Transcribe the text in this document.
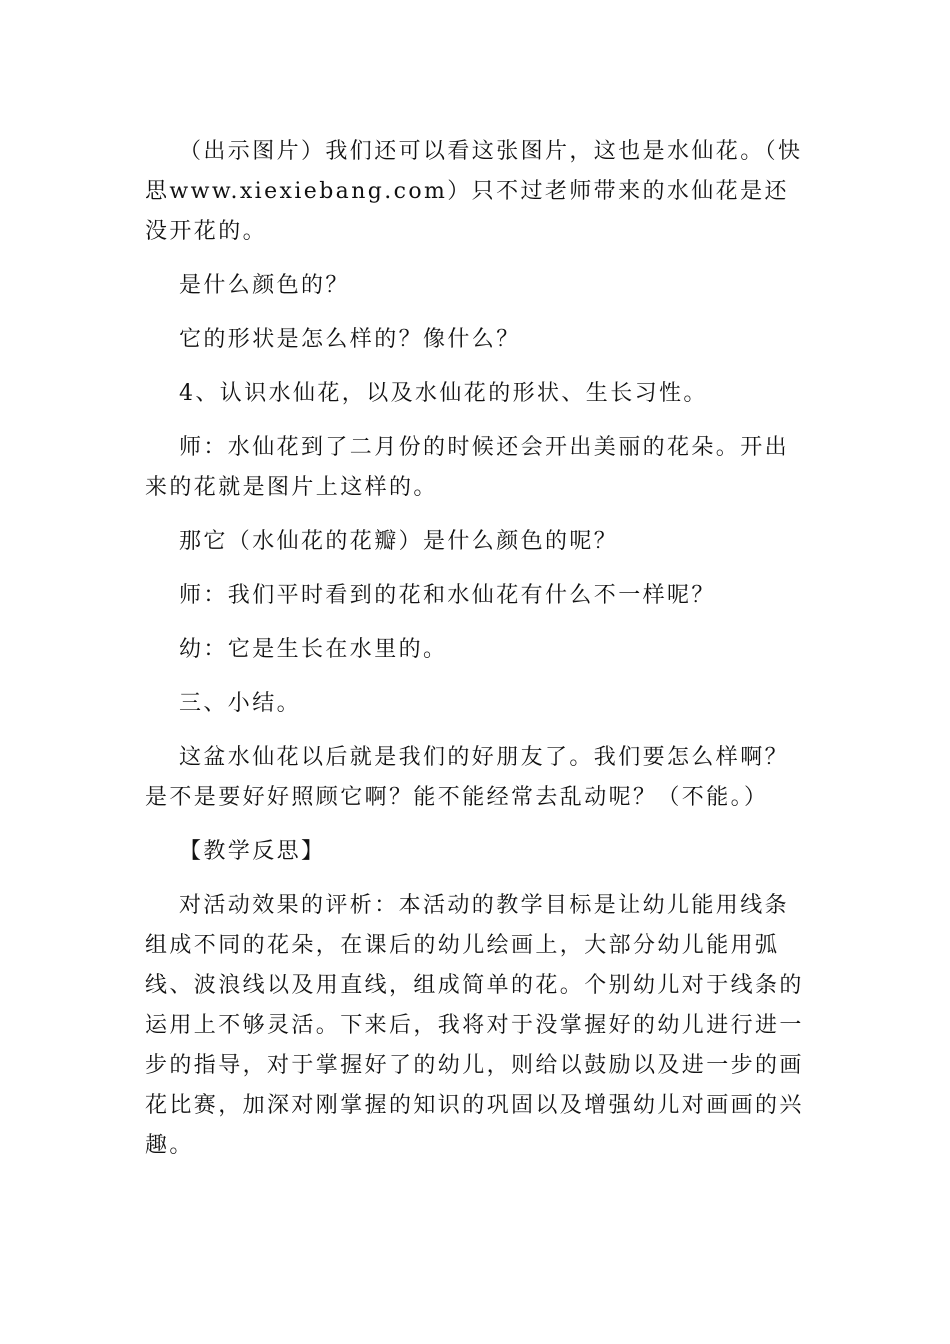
（出示图片）我们还可以看这张图片，这也是水仙花。（快思www.xiexiebang.com）只不过老师带来的水仙花是还没开花的。

是什么颜色的？

它的形状是怎么样的？像什么？

4、认识水仙花，以及水仙花的形状、生长习性。

师：水仙花到了二月份的时候还会开出美丽的花朵。开出来的花就是图片上这样的。

那它（水仙花的花瓣）是什么颜色的呢？

师：我们平时看到的花和水仙花有什么不一样呢？

幼：它是生长在水里的。

三、小结。

这盆水仙花以后就是我们的好朋友了。我们要怎么样啊？是不是要好好照顾它啊？能不能经常去乱动呢？（不能。）

【教学反思】

对活动效果的评析：本活动的教学目标是让幼儿能用线条组成不同的花朵，在课后的幼儿绘画上，大部分幼儿能用弧线、波浪线以及用直线，组成简单的花。个别幼儿对于线条的运用上不够灵活。下来后，我将对于没掌握好的幼儿进行进一步的指导，对于掌握好了的幼儿，则给以鼓励以及进一步的画花比赛，加深对刚掌握的知识的巩固以及增强幼儿对画画的兴趣。
